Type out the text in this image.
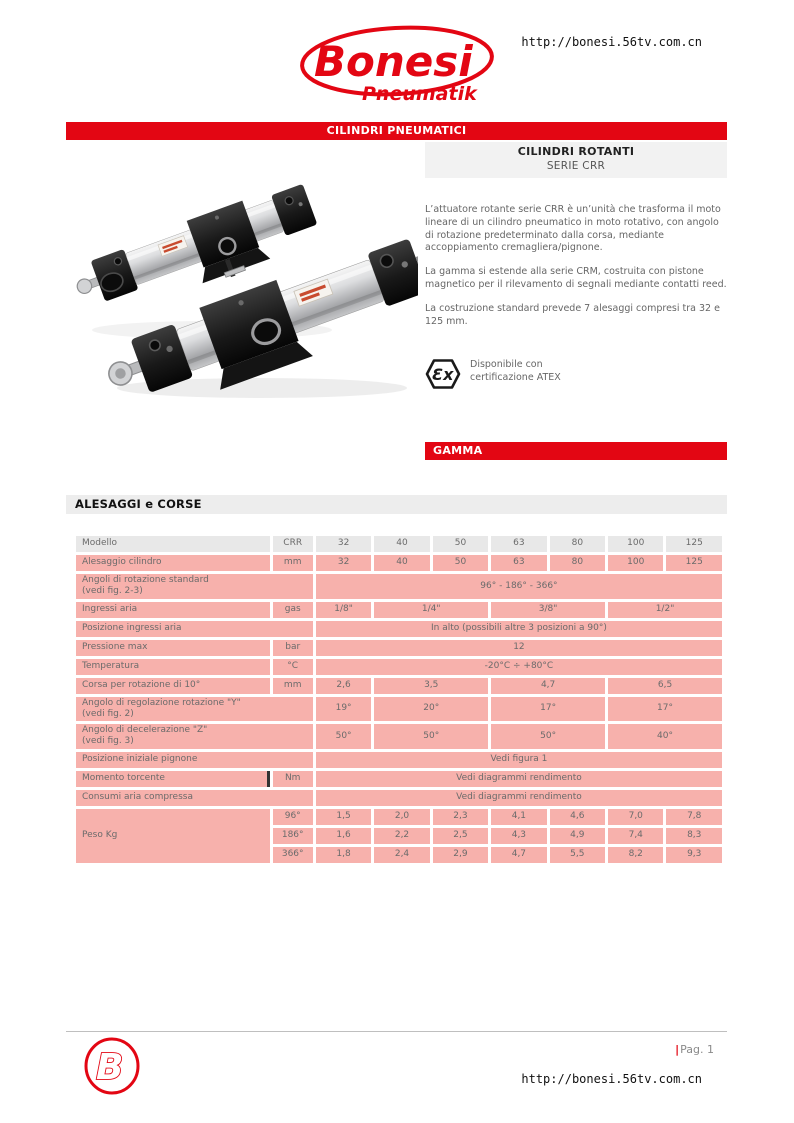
Bonesi
Pneumatik
http://bonesi.56tv.com.cn
CILINDRI PNEUMATICI
CILINDRI ROTANTI
SERIE CRR

L’attuatore rotante serie CRR è un’unità che trasforma il moto lineare di un cilindro pneumatico in moto rotativo, con angolo di rotazione predeterminato dalla corsa, mediante accoppiamento cremagliera/pignone.

La gamma si estende alla serie CRM, costruita con pistone magnetico per il rilevamento di segnali mediante contatti reed.

La costruzione standard prevede 7 alesaggi compresi tra 32 e 125 mm.

Ɛx
Disponibile con
certificazione ATEX
GAMMA
ALESAGGI e CORSE
Modello	CRR	32	40	50	63	80	100	125

Alesaggio cilindro	mm	32	40	50	63	80	100	125

Angoli di rotazione standard
(vedi fig. 2-3)		96° - 186° - 366°						

Ingressi aria	gas	1/8"	1/4"		3/8"		1/2"	

Posizione ingressi aria		In alto (possibili altre 3 posizioni a 90°)						

Pressione max	bar	12						

Temperatura	°C	-20°C ÷ +80°C						

Corsa per rotazione di 10°	mm	2,6	3,5		4,7		6,5	

Angolo di regolazione rotazione "Y"
(vedi fig. 2)		19°	20°		17°		17°	

Angolo di decelerazione "Z"
(vedi fig. 3)		50°	50°		50°		40°	

Posizione iniziale pignone		Vedi figura 1						

Momento torcente	Nm	Vedi diagrammi rendimento						

Consumi aria compressa		Vedi diagrammi rendimento						
Peso Kg	96°	1,5	2,0	2,3	4,1	4,6	7,0	7,8
	186°	1,6	2,2	2,5	4,3	4,9	7,4	8,3
	366°	1,8	2,4	2,9	4,7	5,5	8,2	9,3
B	|Pag. 1
http://bonesi.56tv.com.cn
